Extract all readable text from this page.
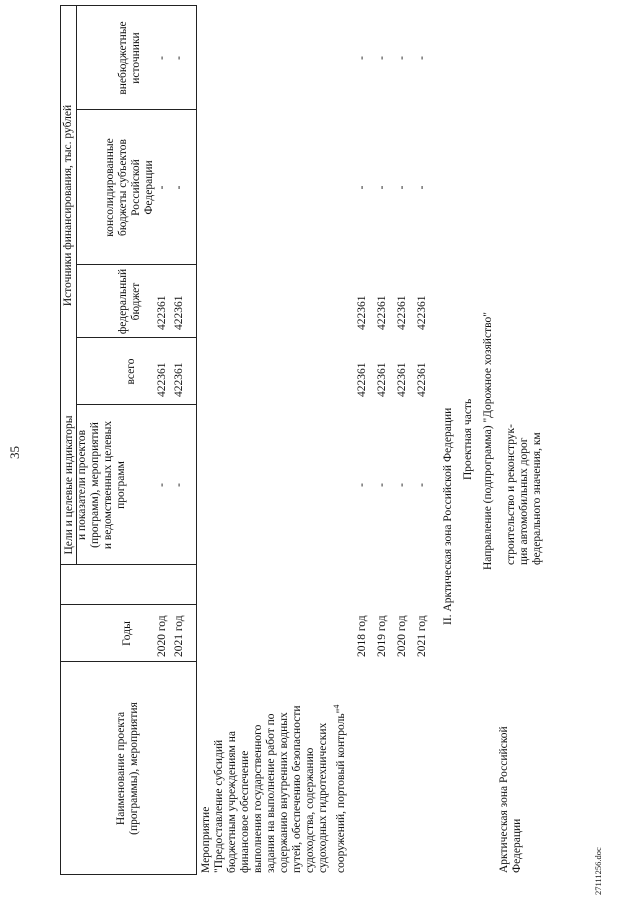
35
Наименование проекта (программы), мероприятия
Годы
Цели и целевые индикаторы и показатели проектов (программ), мероприятий и ведомственных целевых программ
Источники финансирования, тыс. рублей
всего
федеральный бюджет
консолидированные бюджеты субъектов Российской Федерации
внебюджетные источники
2020 год
-
422361
422361
-
-
2021 год
-
422361
422361
-
-
Мероприятие "Предоставление субсидий бюджетным учреждениям на финансовое обеспечение выполнения государственного задания на выполнение работ по содержанию внутренних водных путей, обеспечению безопасности судоходства, содержанию судоходных гидротехнических сооружений, портовый контроль"$^4$
2018 год
-
422361
422361
-
-
2019 год
-
422361
422361
-
-
2020 год
-
422361
422361
-
-
2021 год
-
422361
422361
-
-
II. Арктическая зона Российской Федерации Проектная часть Направление (подпрограмма) "Дорожное хозяйство"
Арктическая зона Российской Федерации
строительство и реконструк- ция автомобильных дорог федерального значения, км
27111256.doc
